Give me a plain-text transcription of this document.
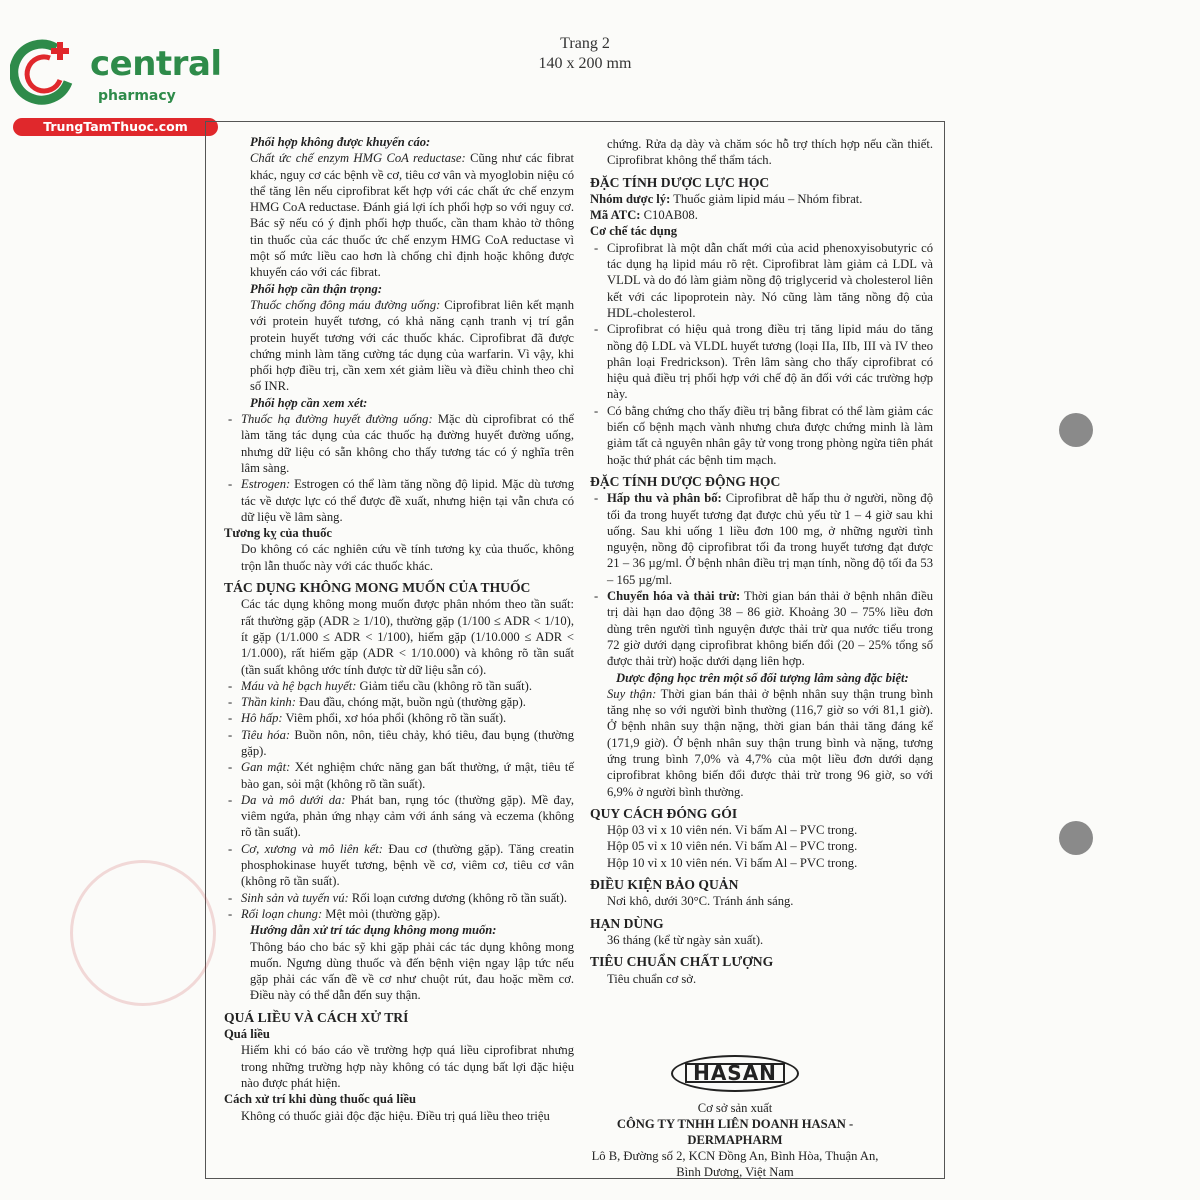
central
pharmacy
TrungTamThuoc.com
Trang 2
140 x 200 mm
Phối hợp không được khuyến cáo:
Chất ức chế enzym HMG CoA reductase: Cũng như các fibrat khác, nguy cơ các bệnh về cơ, tiêu cơ vân và myoglobin niệu có thể tăng lên nếu ciprofibrat kết hợp với các chất ức chế enzym HMG CoA reductase. Đánh giá lợi ích phối hợp so với nguy cơ. Bác sỹ nếu có ý định phối hợp thuốc, cần tham khảo tờ thông tin thuốc của các thuốc ức chế enzym HMG CoA reductase vì một số mức liều cao hơn là chống chỉ định hoặc không được khuyến cáo với các fibrat.
Phối hợp cần thận trọng:
Thuốc chống đông máu đường uống: Ciprofibrat liên kết mạnh với protein huyết tương, có khả năng cạnh tranh vị trí gắn protein huyết tương với các thuốc khác. Ciprofibrat đã được chứng minh làm tăng cường tác dụng của warfarin. Vì vậy, khi phối hợp điều trị, cần xem xét giảm liều và điều chỉnh theo chỉ số INR.
Phối hợp cần xem xét:
- Thuốc hạ đường huyết đường uống: Mặc dù ciprofibrat có thể làm tăng tác dụng của các thuốc hạ đường huyết đường uống, nhưng dữ liệu có sẵn không cho thấy tương tác có ý nghĩa trên lâm sàng.
- Estrogen: Estrogen có thể làm tăng nồng độ lipid. Mặc dù tương tác về dược lực có thể được đề xuất, nhưng hiện tại vẫn chưa có dữ liệu về lâm sàng.
Tương kỵ của thuốc
Do không có các nghiên cứu về tính tương kỵ của thuốc, không trộn lẫn thuốc này với các thuốc khác.
TÁC DỤNG KHÔNG MONG MUỐN CỦA THUỐC
Các tác dụng không mong muốn được phân nhóm theo tần suất: rất thường gặp (ADR ≥ 1/10), thường gặp (1/100 ≤ ADR < 1/10), ít gặp (1/1.000 ≤ ADR < 1/100), hiếm gặp (1/10.000 ≤ ADR < 1/1.000), rất hiếm gặp (ADR < 1/10.000) và không rõ tần suất (tần suất không ước tính được từ dữ liệu sẵn có).
- Máu và hệ bạch huyết: Giảm tiểu cầu (không rõ tần suất).
- Thần kinh: Đau đầu, chóng mặt, buồn ngủ (thường gặp).
- Hô hấp: Viêm phổi, xơ hóa phổi (không rõ tần suất).
- Tiêu hóa: Buồn nôn, nôn, tiêu chảy, khó tiêu, đau bụng (thường gặp).
- Gan mật: Xét nghiệm chức năng gan bất thường, ứ mật, tiêu tế bào gan, sỏi mật (không rõ tần suất).
- Da và mô dưới da: Phát ban, rụng tóc (thường gặp). Mề đay, viêm ngứa, phản ứng nhạy cảm với ánh sáng và eczema (không rõ tần suất).
- Cơ, xương và mô liên kết: Đau cơ (thường gặp). Tăng creatin phosphokinase huyết tương, bệnh về cơ, viêm cơ, tiêu cơ vân (không rõ tần suất).
- Sinh sản và tuyến vú: Rối loạn cương dương (không rõ tần suất).
- Rối loạn chung: Mệt mỏi (thường gặp).
Hướng dẫn xử trí tác dụng không mong muốn:
Thông báo cho bác sỹ khi gặp phải các tác dụng không mong muốn. Ngưng dùng thuốc và đến bệnh viện ngay lập tức nếu gặp phải các vấn đề về cơ như chuột rút, đau hoặc mềm cơ. Điều này có thể dẫn đến suy thận.
QUÁ LIỀU VÀ CÁCH XỬ TRÍ
Quá liều
Hiếm khi có báo cáo về trường hợp quá liều ciprofibrat nhưng trong những trường hợp này không có tác dụng bất lợi đặc hiệu nào được phát hiện.
Cách xử trí khi dùng thuốc quá liều
Không có thuốc giải độc đặc hiệu. Điều trị quá liều theo triệu
chứng. Rửa dạ dày và chăm sóc hỗ trợ thích hợp nếu cần thiết. Ciprofibrat không thể thẩm tách.
ĐẶC TÍNH DƯỢC LỰC HỌC
Nhóm dược lý: Thuốc giảm lipid máu – Nhóm fibrat.
Mã ATC: C10AB08.
Cơ chế tác dụng
- Ciprofibrat là một dẫn chất mới của acid phenoxyisobutyric có tác dụng hạ lipid máu rõ rệt. Ciprofibrat làm giảm cả LDL và VLDL và do đó làm giảm nồng độ triglycerid và cholesterol liên kết với các lipoprotein này. Nó cũng làm tăng nồng độ của HDL-cholesterol.
- Ciprofibrat có hiệu quả trong điều trị tăng lipid máu do tăng nồng độ LDL và VLDL huyết tương (loại IIa, IIb, III và IV theo phân loại Fredrickson). Trên lâm sàng cho thấy ciprofibrat có hiệu quả điều trị phối hợp với chế độ ăn đối với các trường hợp này.
- Có bằng chứng cho thấy điều trị bằng fibrat có thể làm giảm các biến cố bệnh mạch vành nhưng chưa được chứng minh là làm giảm tất cả nguyên nhân gây tử vong trong phòng ngừa tiên phát hoặc thứ phát các bệnh tim mạch.
ĐẶC TÍNH DƯỢC ĐỘNG HỌC
- Hấp thu và phân bố: Ciprofibrat dễ hấp thu ở người, nồng độ tối đa trong huyết tương đạt được chủ yếu từ 1 – 4 giờ sau khi uống. Sau khi uống 1 liều đơn 100 mg, ở những người tình nguyện, nồng độ ciprofibrat tối đa trong huyết tương đạt được 21 – 36 µg/ml. Ở bệnh nhân điều trị mạn tính, nồng độ tối đa 53 – 165 µg/ml.
- Chuyển hóa và thải trừ: Thời gian bán thải ở bệnh nhân điều trị dài hạn dao động 38 – 86 giờ. Khoảng 30 – 75% liều đơn dùng trên người tình nguyện được thải trừ qua nước tiểu trong 72 giờ dưới dạng ciprofibrat không biến đổi (20 – 25% tổng số được thải trừ) hoặc dưới dạng liên hợp.
Dược động học trên một số đối tượng lâm sàng đặc biệt:
Suy thận: Thời gian bán thải ở bệnh nhân suy thận trung bình tăng nhẹ so với người bình thường (116,7 giờ so với 81,1 giờ). Ở bệnh nhân suy thận nặng, thời gian bán thải tăng đáng kể (171,9 giờ). Ở bệnh nhân suy thận trung bình và nặng, tương ứng trung bình 7,0% và 4,7% của một liều đơn dưới dạng ciprofibrat không biến đổi được thải trừ trong 96 giờ, so với 6,9% ở người bình thường.
QUY CÁCH ĐÓNG GÓI
Hộp 03 vỉ x 10 viên nén. Vỉ bấm Al – PVC trong.
Hộp 05 vỉ x 10 viên nén. Vỉ bấm Al – PVC trong.
Hộp 10 vỉ x 10 viên nén. Vỉ bấm Al – PVC trong.
ĐIỀU KIỆN BẢO QUẢN
Nơi khô, dưới 30°C. Tránh ánh sáng.
HẠN DÙNG
36 tháng (kể từ ngày sản xuất).
TIÊU CHUẨN CHẤT LƯỢNG
Tiêu chuẩn cơ sở.
HASAN
Cơ sở sản xuất
CÔNG TY TNHH LIÊN DOANH HASAN - DERMAPHARM
Lô B, Đường số 2, KCN Đồng An, Bình Hòa, Thuận An,
Bình Dương, Việt Nam
